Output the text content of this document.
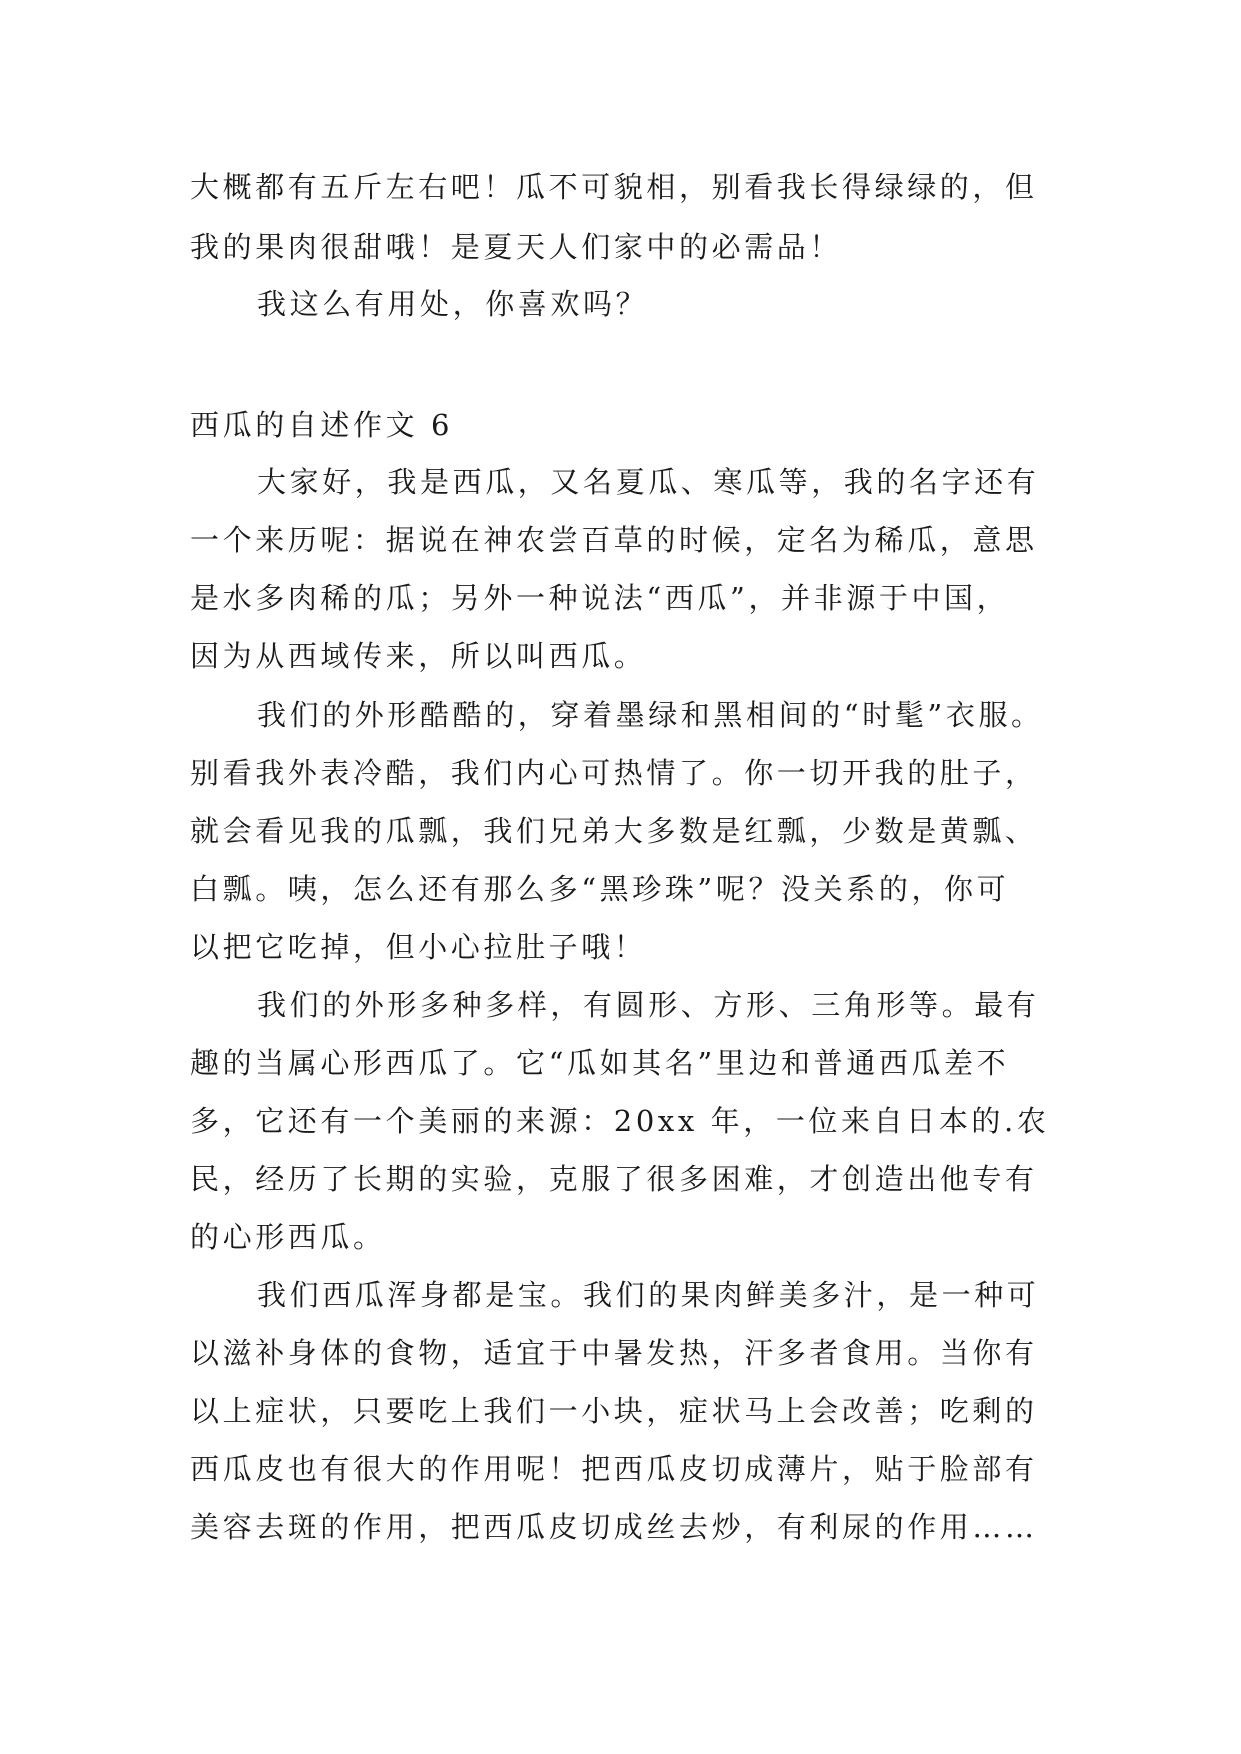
大概都有五斤左右吧！瓜不可貌相，别看我长得绿绿的，但
我的果肉很甜哦！是夏天人们家中的必需品！
我这么有用处，你喜欢吗？
西瓜的自述作文 6
大家好，我是西瓜，又名夏瓜、寒瓜等，我的名字还有
一个来历呢：据说在神农尝百草的时候，定名为稀瓜，意思
是水多肉稀的瓜；另外一种说法“西瓜”，并非源于中国，
因为从西域传来，所以叫西瓜。
我们的外形酷酷的，穿着墨绿和黑相间的“时髦”衣服。
别看我外表冷酷，我们内心可热情了。你一切开我的肚子，
就会看见我的瓜瓢，我们兄弟大多数是红瓢，少数是黄瓢、
白瓢。咦，怎么还有那么多“黑珍珠”呢？没关系的，你可
以把它吃掉，但小心拉肚子哦！
我们的外形多种多样，有圆形、方形、三角形等。最有
趣的当属心形西瓜了。它“瓜如其名”里边和普通西瓜差不
多，它还有一个美丽的来源：20xx 年，一位来自日本的.农
民，经历了长期的实验，克服了很多困难，才创造出他专有
的心形西瓜。
我们西瓜浑身都是宝。我们的果肉鲜美多汁，是一种可
以滋补身体的食物，适宜于中暑发热，汗多者食用。当你有
以上症状，只要吃上我们一小块，症状马上会改善；吃剩的
西瓜皮也有很大的作用呢！把西瓜皮切成薄片，贴于脸部有
美容去斑的作用，把西瓜皮切成丝去炒，有利尿的作用……
